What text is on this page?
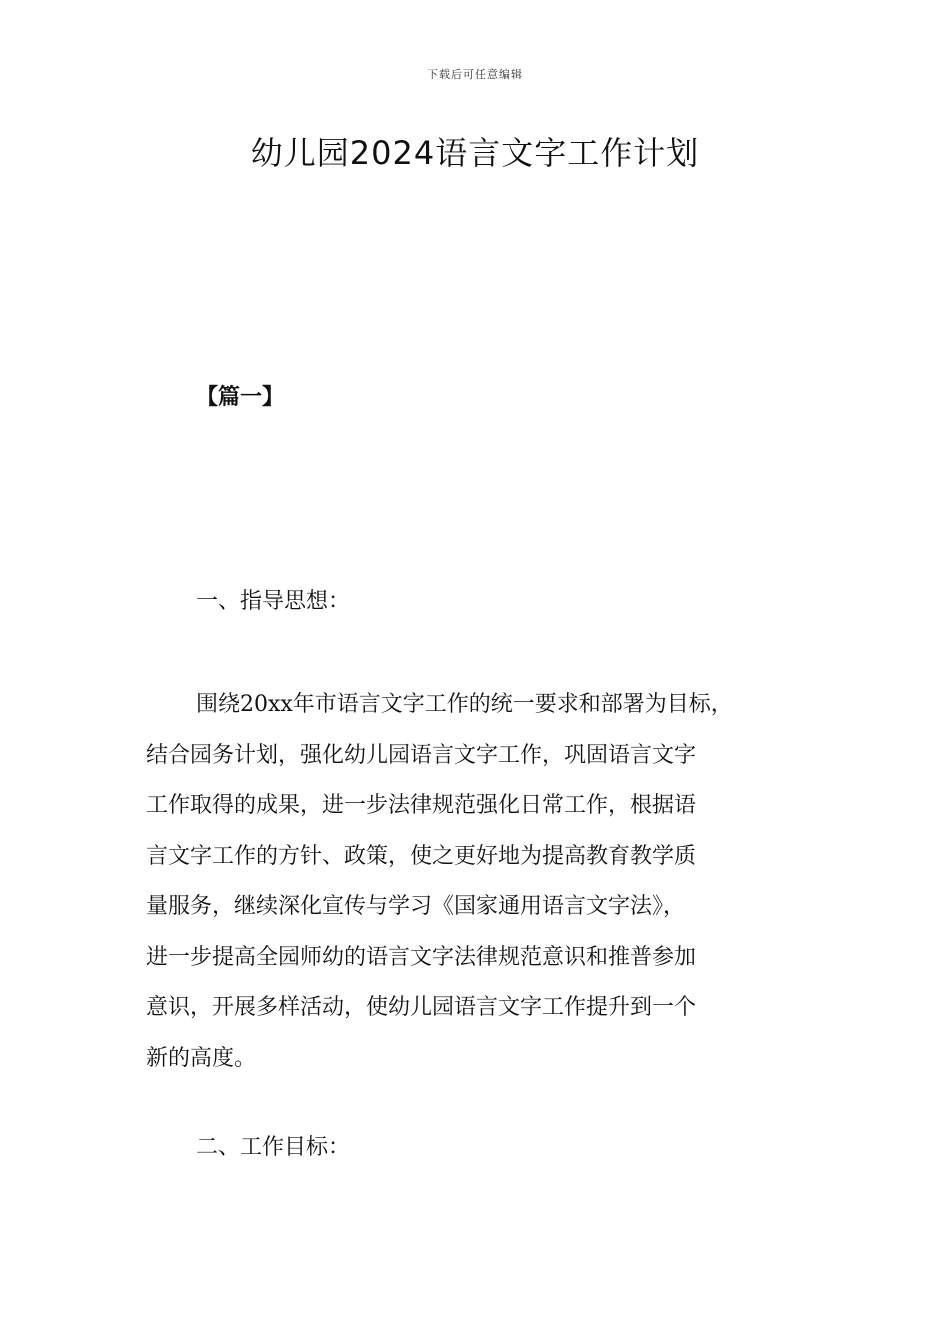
下载后可任意编辑
幼儿园2024语言文字工作计划

【篇一】

一、指导思想：

围绕20xx年市语言文字工作的统一要求和部署为目标，
结合园务计划，强化幼儿园语言文字工作，巩固语言文字
工作取得的成果，进一步法律规范强化日常工作，根据语
言文字工作的方针、政策，使之更好地为提高教育教学质
量服务，继续深化宣传与学习《国家通用语言文字法》，
进一步提高全园师幼的语言文字法律规范意识和推普参加
意识，开展多样活动，使幼儿园语言文字工作提升到一个
新的高度。

二、工作目标：
